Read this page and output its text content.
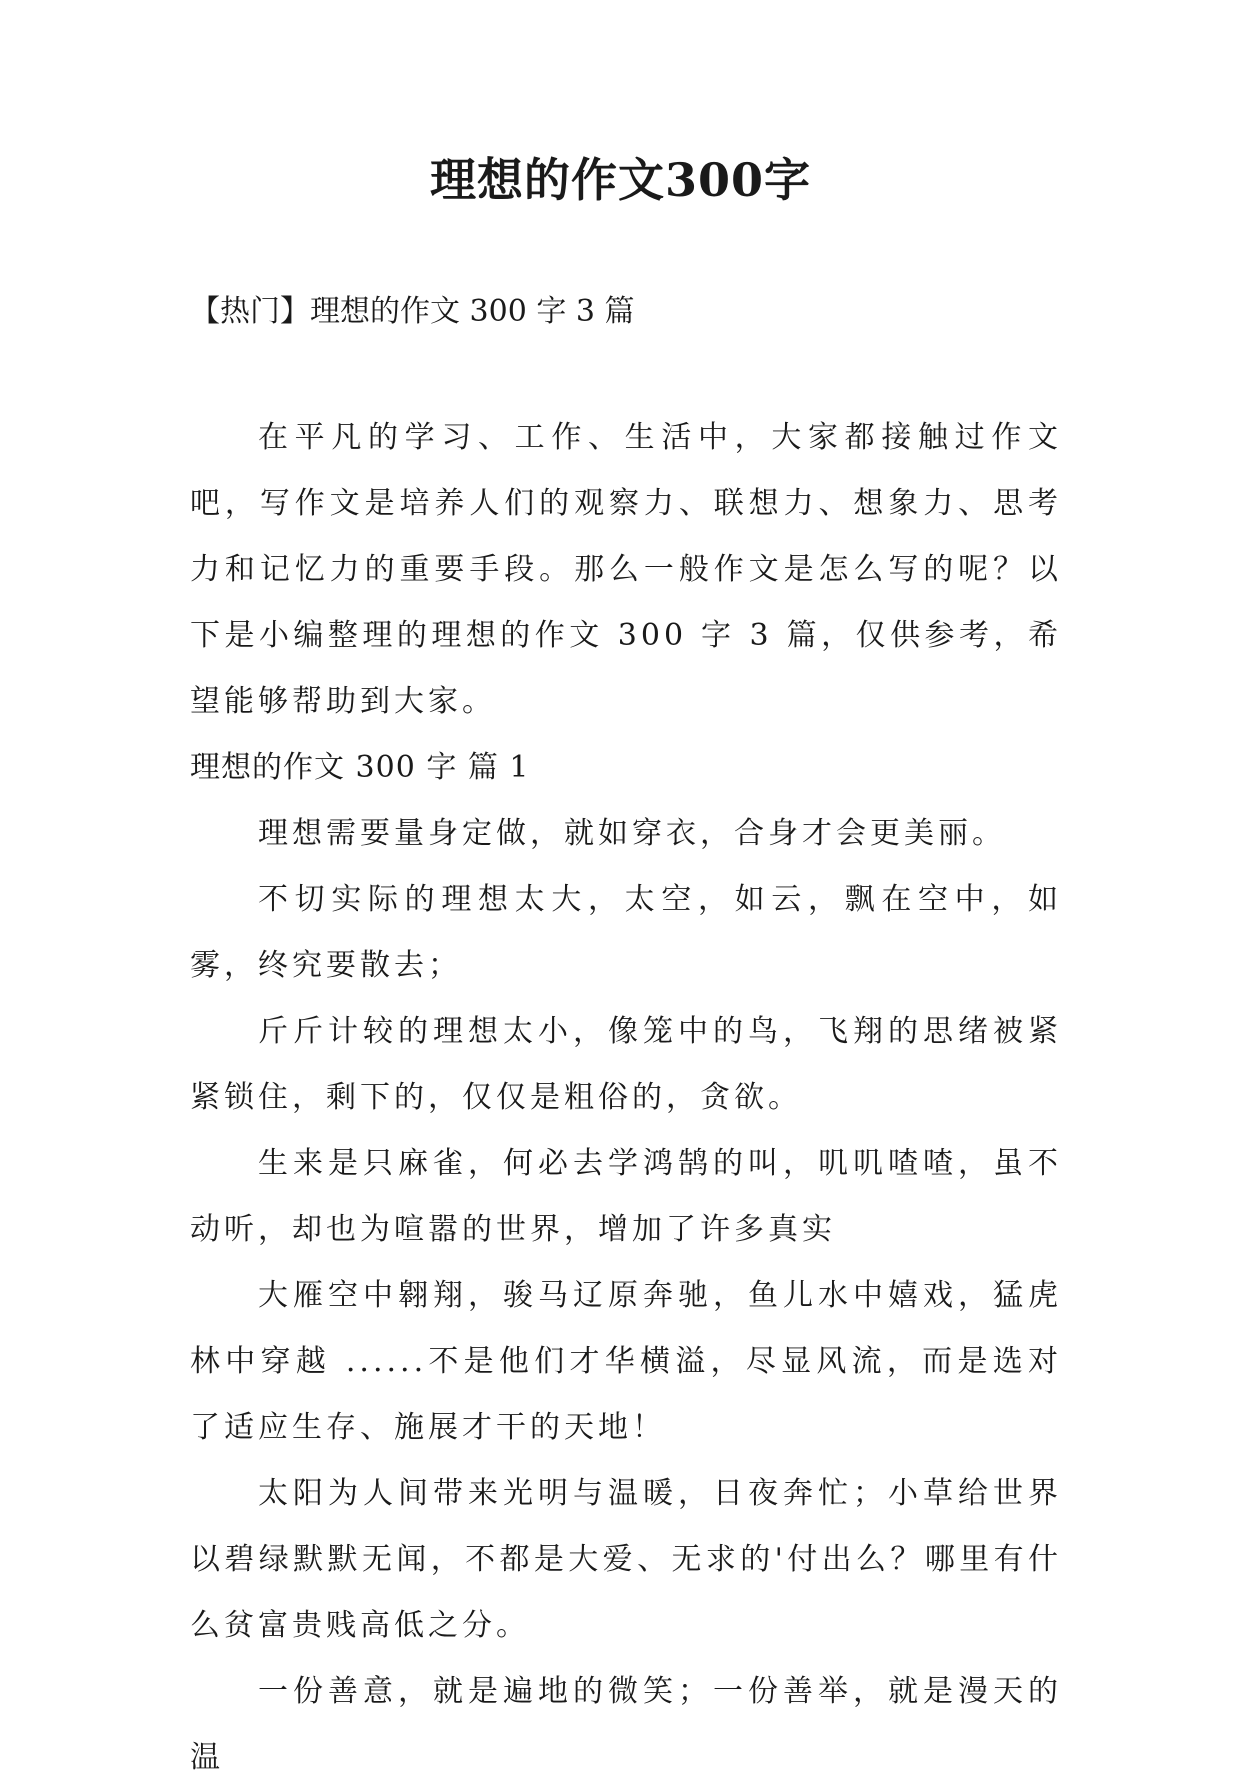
理想的作文300字

【热门】理想的作文 300 字 3 篇

在平凡的学习、工作、生活中，大家都接触过作文吧，写作文是培养人们的观察力、联想力、想象力、思考力和记忆力的重要手段。那么一般作文是怎么写的呢？以下是小编整理的理想的作文 300 字 3 篇，仅供参考，希望能够帮助到大家。

理想的作文 300 字 篇 1

理想需要量身定做，就如穿衣，合身才会更美丽。

不切实际的理想太大，太空，如云，飘在空中，如雾，终究要散去；

斤斤计较的理想太小，像笼中的鸟，飞翔的思绪被紧紧锁住，剩下的，仅仅是粗俗的，贪欲。

生来是只麻雀，何必去学鸿鹄的叫，叽叽喳喳，虽不动听，却也为喧嚣的世界，增加了许多真实

大雁空中翱翔，骏马辽原奔驰，鱼儿水中嬉戏，猛虎林中穿越 ......不是他们才华横溢，尽显风流，而是选对了适应生存、施展才干的天地！

太阳为人间带来光明与温暖，日夜奔忙；小草给世界以碧绿默默无闻，不都是大爱、无求的'付出么？哪里有什么贫富贵贱高低之分。

一份善意，就是遍地的微笑；一份善举，就是漫天的温
